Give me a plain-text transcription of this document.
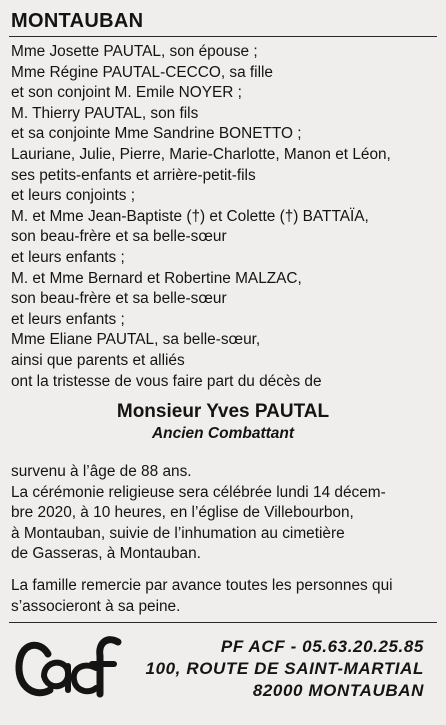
MONTAUBAN
Mme Josette PAUTAL, son épouse ;
Mme Régine PAUTAL-CECCO, sa fille
et son conjoint M. Emile NOYER ;
M. Thierry PAUTAL, son fils
et sa conjointe Mme Sandrine BONETTO ;
Lauriane, Julie, Pierre, Marie-Charlotte, Manon et Léon,
ses petits-enfants et arrière-petit-fils
et leurs conjoints ;
M. et Mme Jean-Baptiste (†) et Colette (†) BATTAÏA,
son beau-frère et sa belle-sœur
et leurs enfants ;
M. et Mme Bernard et Robertine MALZAC,
son beau-frère et sa belle-sœur
et leurs enfants ;
Mme Eliane PAUTAL, sa belle-sœur,
ainsi que parents et alliés
ont la tristesse de vous faire part du décès de
Monsieur Yves PAUTAL
Ancien Combattant
survenu à l’âge de 88 ans.
La cérémonie religieuse sera célébrée lundi 14 décem-
bre 2020, à 10 heures, en l’église de Villebourbon,
à Montauban, suivie de l’inhumation au cimetière
de Gasseras, à Montauban.
La famille remercie par avance toutes les personnes qui
s’associeront à sa peine.
PF ACF - 05.63.20.25.85
100, ROUTE DE SAINT-MARTIAL
82000 MONTAUBAN
